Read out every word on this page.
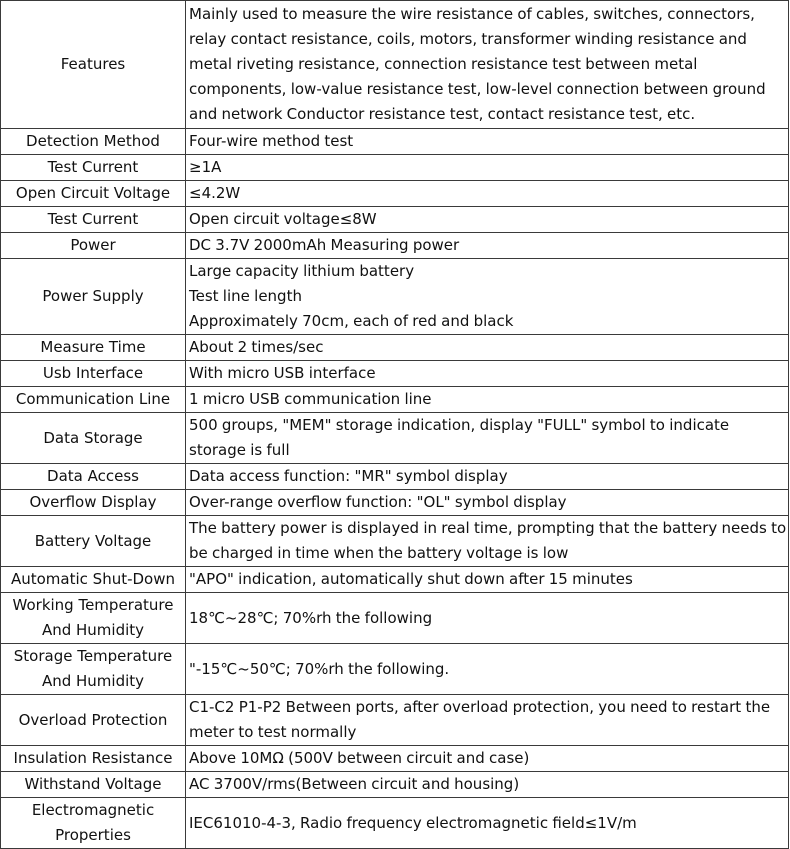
Features	Mainly used to measure the wire resistance of cables, switches, connectors,
relay contact resistance, coils, motors, transformer winding resistance and
metal riveting resistance, connection resistance test between metal
components, low-value resistance test, low-level connection between ground
and network Conductor resistance test, contact resistance test, etc.

Detection Method	Four-wire method test

Test Current	≥1A

Open Circuit Voltage	≤4.2W

Test Current	Open circuit voltage≤8W

Power	DC 3.7V 2000mAh Measuring power

Power Supply	Large capacity lithium battery
Test line length
Approximately 70cm, each of red and black

Measure Time	About 2 times/sec

Usb Interface	With micro USB interface

Communication Line	1 micro USB communication line

Data Storage	500 groups, "MEM" storage indication, display "FULL" symbol to indicate
storage is full

Data Access	Data access function: "MR" symbol display

Overflow Display	Over-range overflow function: "OL" symbol display

Battery Voltage	The battery power is displayed in real time, prompting that the battery needs to
be charged in time when the battery voltage is low

Automatic Shut-Down	"APO" indication, automatically shut down after 15 minutes

Working Temperature
And Humidity	18℃~28℃; 70%rh the following

Storage Temperature
And Humidity	"-15℃~50℃; 70%rh the following.

Overload Protection	C1-C2 P1-P2 Between ports, after overload protection, you need to restart the
meter to test normally

Insulation Resistance	Above 10MΩ (500V between circuit and case)

Withstand Voltage	AC 3700V/rms(Between circuit and housing)

Electromagnetic
Properties	IEC61010-4-3, Radio frequency electromagnetic field≤1V/m
